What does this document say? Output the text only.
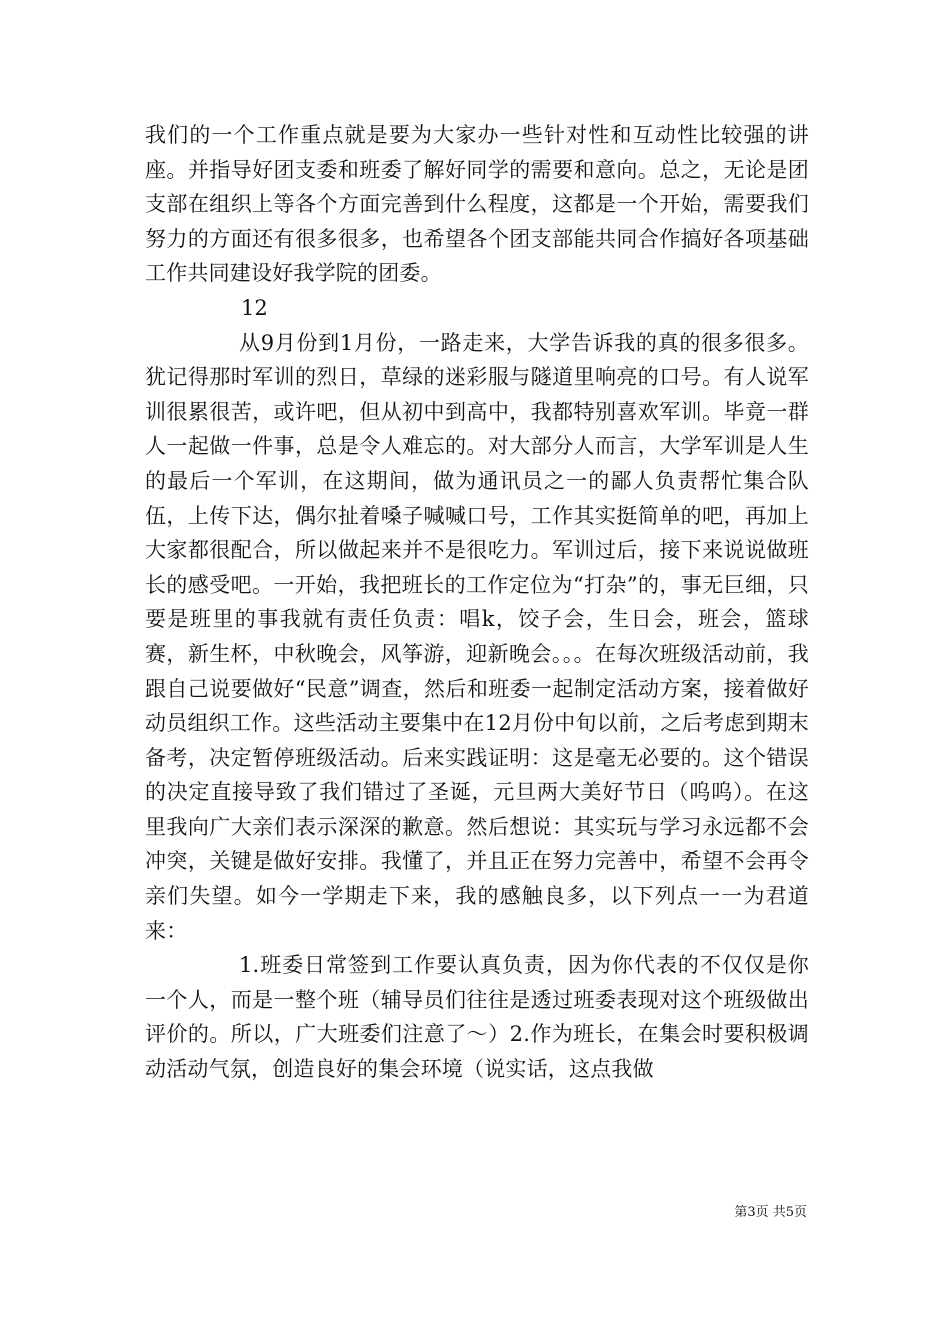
我们的一个工作重点就是要为大家办一些针对性和互动性比较强的讲座。并指导好团支委和班委了解好同学的需要和意向。总之，无论是团支部在组织上等各个方面完善到什么程度，这都是一个开始，需要我们努力的方面还有很多很多，也希望各个团支部能共同合作搞好各项基础工作共同建设好我学院的团委。

12

从9月份到1月份，一路走来，大学告诉我的真的很多很多。犹记得那时军训的烈日，草绿的迷彩服与隧道里响亮的口号。有人说军训很累很苦，或许吧，但从初中到高中，我都特别喜欢军训。毕竟一群人一起做一件事，总是令人难忘的。对大部分人而言，大学军训是人生的最后一个军训，在这期间，做为通讯员之一的鄙人负责帮忙集合队伍，上传下达，偶尔扯着嗓子喊喊口号，工作其实挺简单的吧，再加上大家都很配合，所以做起来并不是很吃力。军训过后，接下来说说做班长的感受吧。一开始，我把班长的工作定位为“打杂”的，事无巨细，只要是班里的事我就有责任负责：唱k，饺子会，生日会，班会，篮球赛，新生杯，中秋晚会，风筝游，迎新晚会。。。在每次班级活动前，我跟自己说要做好“民意”调查，然后和班委一起制定活动方案，接着做好动员组织工作。这些活动主要集中在12月份中旬以前，之后考虑到期末备考，决定暂停班级活动。后来实践证明：这是毫无必要的。这个错误的决定直接导致了我们错过了圣诞，元旦两大美好节日（呜呜）。在这里我向广大亲们表示深深的歉意。然后想说：其实玩与学习永远都不会冲突，关键是做好安排。我懂了，并且正在努力完善中，希望不会再令亲们失望。如今一学期走下来，我的感触良多，以下列点一一为君道来：

1.班委日常签到工作要认真负责，因为你代表的不仅仅是你一个人，而是一整个班（辅导员们往往是透过班委表现对这个班级做出评价的。所以，广大班委们注意了～）2.作为班长，在集会时要积极调动活动气氛，创造良好的集会环境（说实话，这点我做

第3页 共5页
